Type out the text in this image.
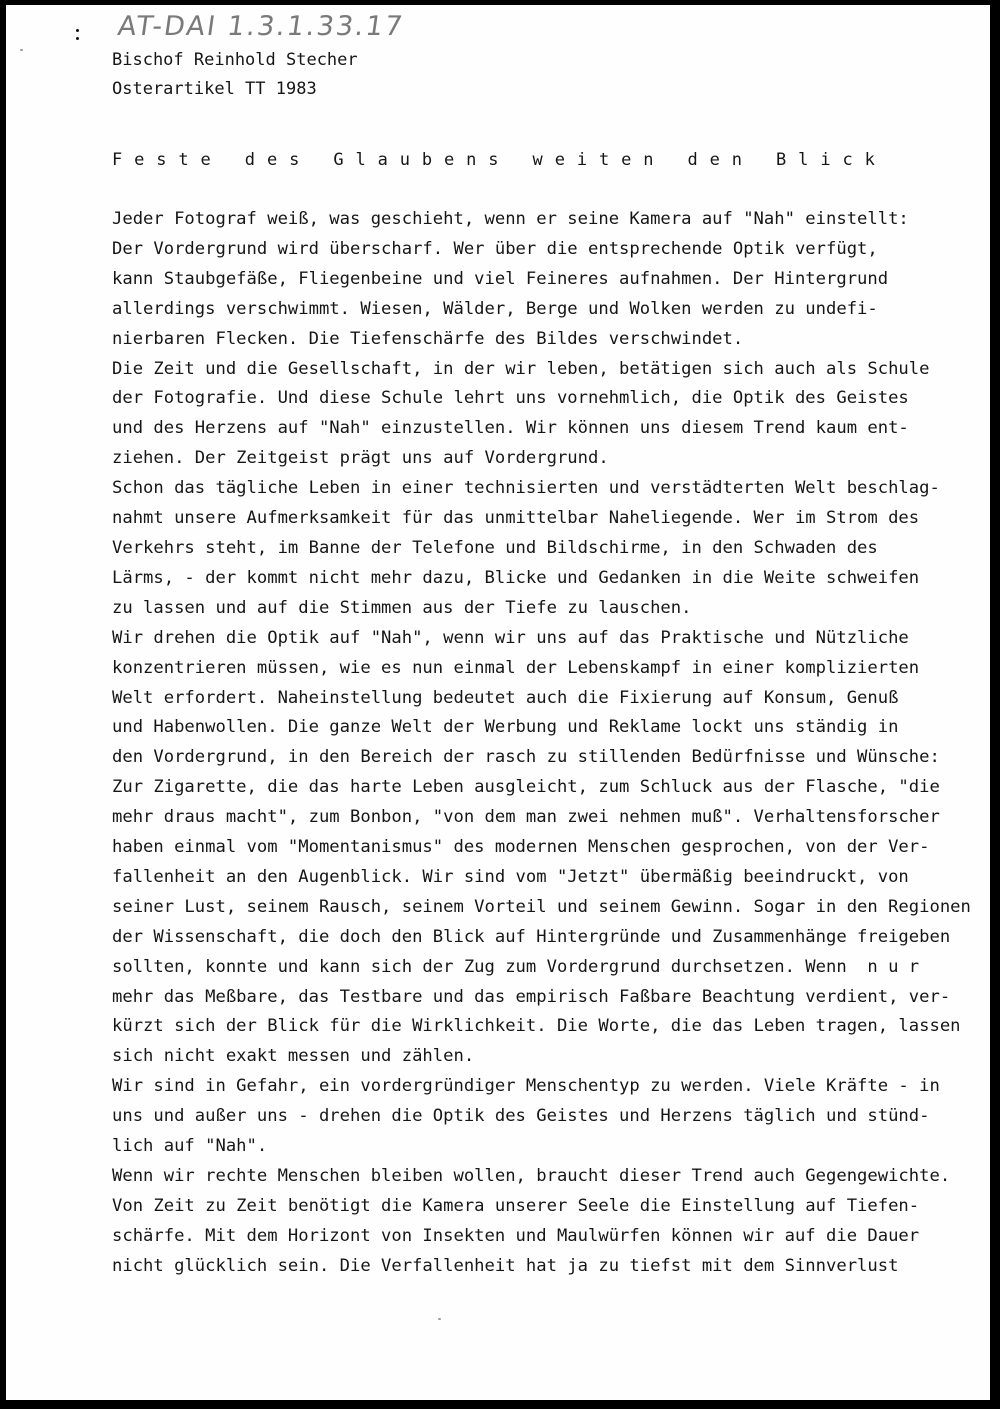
AT-DAI 1.3.1.33.17
Bischof Reinhold Stecher
Osterartikel TT 1983
Feste des Glaubens weiten den Blick
Jeder Fotograf weiß, was geschieht, wenn er seine Kamera auf "Nah" einstellt:
Der Vordergrund wird überscharf. Wer über die entsprechende Optik verfügt,
kann Staubgefäße, Fliegenbeine und viel Feineres aufnahmen. Der Hintergrund
allerdings verschwimmt. Wiesen, Wälder, Berge und Wolken werden zu undefi-
nierbaren Flecken. Die Tiefenschärfe des Bildes verschwindet.
Die Zeit und die Gesellschaft, in der wir leben, betätigen sich auch als Schule
der Fotografie. Und diese Schule lehrt uns vornehmlich, die Optik des Geistes
und des Herzens auf "Nah" einzustellen. Wir können uns diesem Trend kaum ent-
ziehen. Der Zeitgeist prägt uns auf Vordergrund.
Schon das tägliche Leben in einer technisierten und verstädterten Welt beschlag-
nahmt unsere Aufmerksamkeit für das unmittelbar Naheliegende. Wer im Strom des
Verkehrs steht, im Banne der Telefone und Bildschirme, in den Schwaden des
Lärms, - der kommt nicht mehr dazu, Blicke und Gedanken in die Weite schweifen
zu lassen und auf die Stimmen aus der Tiefe zu lauschen.
Wir drehen die Optik auf "Nah", wenn wir uns auf das Praktische und Nützliche
konzentrieren müssen, wie es nun einmal der Lebenskampf in einer komplizierten
Welt erfordert. Naheinstellung bedeutet auch die Fixierung auf Konsum, Genuß
und Habenwollen. Die ganze Welt der Werbung und Reklame lockt uns ständig in
den Vordergrund, in den Bereich der rasch zu stillenden Bedürfnisse und Wünsche:
Zur Zigarette, die das harte Leben ausgleicht, zum Schluck aus der Flasche, "die
mehr draus macht", zum Bonbon, "von dem man zwei nehmen muß". Verhaltensforscher
haben einmal vom "Momentanismus" des modernen Menschen gesprochen, von der Ver-
fallenheit an den Augenblick. Wir sind vom "Jetzt" übermäßig beeindruckt, von
seiner Lust, seinem Rausch, seinem Vorteil und seinem Gewinn. Sogar in den Regionen
der Wissenschaft, die doch den Blick auf Hintergründe und Zusammenhänge freigeben
sollten, konnte und kann sich der Zug zum Vordergrund durchsetzen. Wenn  n u r
mehr das Meßbare, das Testbare und das empirisch Faßbare Beachtung verdient, ver-
kürzt sich der Blick für die Wirklichkeit. Die Worte, die das Leben tragen, lassen
sich nicht exakt messen und zählen.
Wir sind in Gefahr, ein vordergründiger Menschentyp zu werden. Viele Kräfte - in
uns und außer uns - drehen die Optik des Geistes und Herzens täglich und stünd-
lich auf "Nah".
Wenn wir rechte Menschen bleiben wollen, braucht dieser Trend auch Gegengewichte.
Von Zeit zu Zeit benötigt die Kamera unserer Seele die Einstellung auf Tiefen-
schärfe. Mit dem Horizont von Insekten und Maulwürfen können wir auf die Dauer
nicht glücklich sein. Die Verfallenheit hat ja zu tiefst mit dem Sinnverlust
